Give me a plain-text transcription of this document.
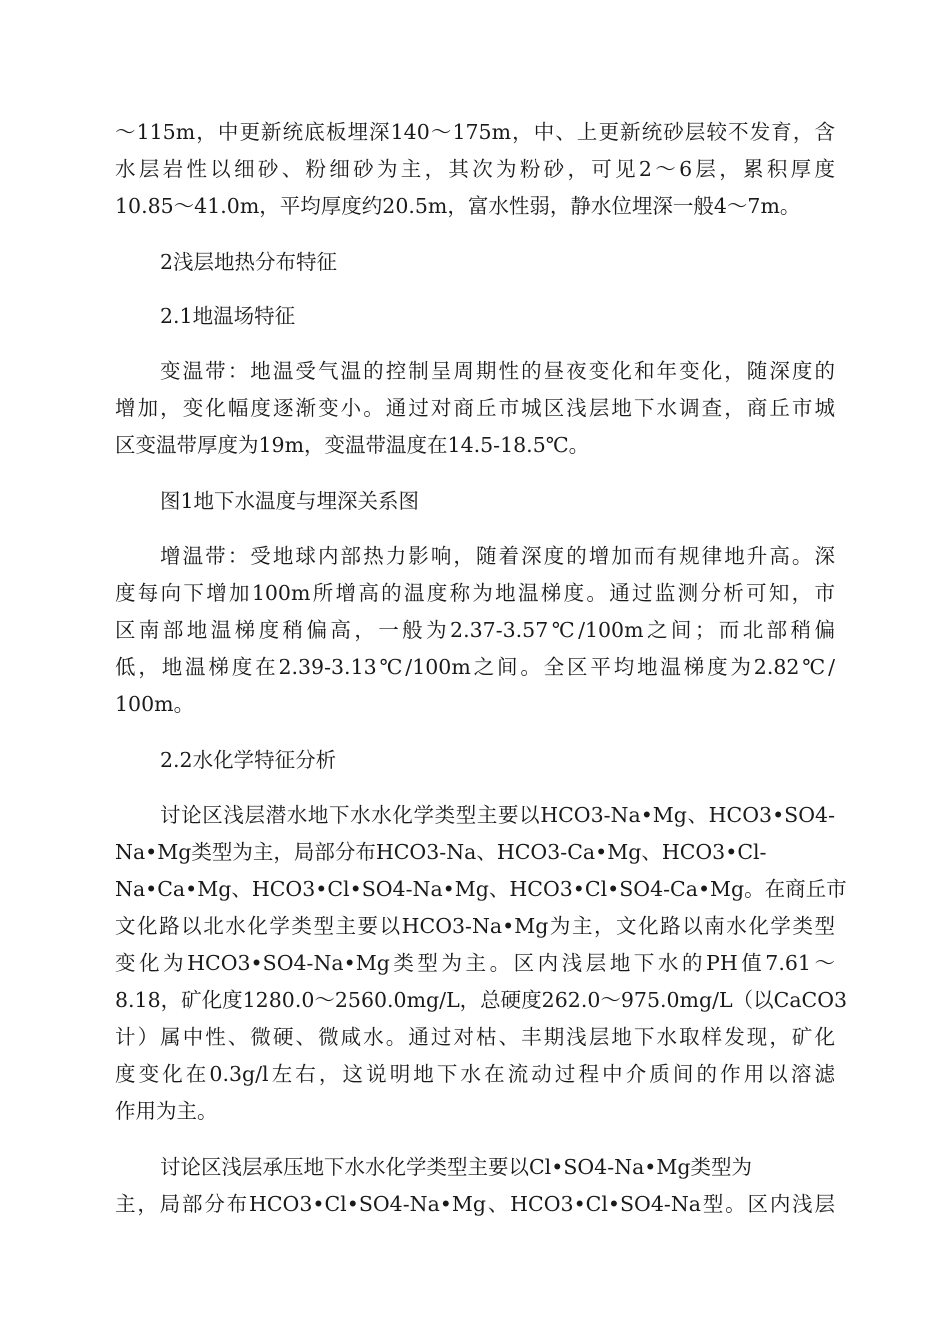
～115m，中更新统底板埋深140～175m，中、上更新统砂层较不发育，含
水层岩性以细砂、粉细砂为主，其次为粉砂，可见2～6层，累积厚度
10.85～41.0m，平均厚度约20.5m，富水性弱，静水位埋深一般4～7m。
2浅层地热分布特征
2.1地温场特征
变温带：地温受气温的控制呈周期性的昼夜变化和年变化，随深度的
增加，变化幅度逐渐变小。通过对商丘市城区浅层地下水调查，商丘市城
区变温带厚度为19m，变温带温度在14.5-18.5℃。
图1地下水温度与埋深关系图
增温带：受地球内部热力影响，随着深度的增加而有规律地升高。深
度每向下增加100m所增高的温度称为地温梯度。通过监测分析可知，市
区南部地温梯度稍偏高，一般为2.37-3.57℃/100m之间；而北部稍偏
低，地温梯度在2.39-3.13℃/100m之间。全区平均地温梯度为2.82℃/
100m。
2.2水化学特征分析
讨论区浅层潜水地下水水化学类型主要以HCO3-Na•Mg、HCO3•SO4-
Na•Mg类型为主，局部分布HCO3-Na、HCO3-Ca•Mg、HCO3•Cl-
Na•Ca•Mg、HCO3•Cl•SO4-Na•Mg、HCO3•Cl•SO4-Ca•Mg。在商丘市
文化路以北水化学类型主要以HCO3-Na•Mg为主，文化路以南水化学类型
变化为HCO3•SO4-Na•Mg类型为主。区内浅层地下水的PH值7.61～
8.18，矿化度1280.0～2560.0mg/L，总硬度262.0～975.0mg/L（以CaCO3
计）属中性、微硬、微咸水。通过对枯、丰期浅层地下水取样发现，矿化
度变化在0.3g/l左右，这说明地下水在流动过程中介质间的作用以溶滤
作用为主。
讨论区浅层承压地下水水化学类型主要以Cl•SO4-Na•Mg类型为
主，局部分布HCO3•Cl•SO4-Na•Mg、HCO3•Cl•SO4-Na型。区内浅层
